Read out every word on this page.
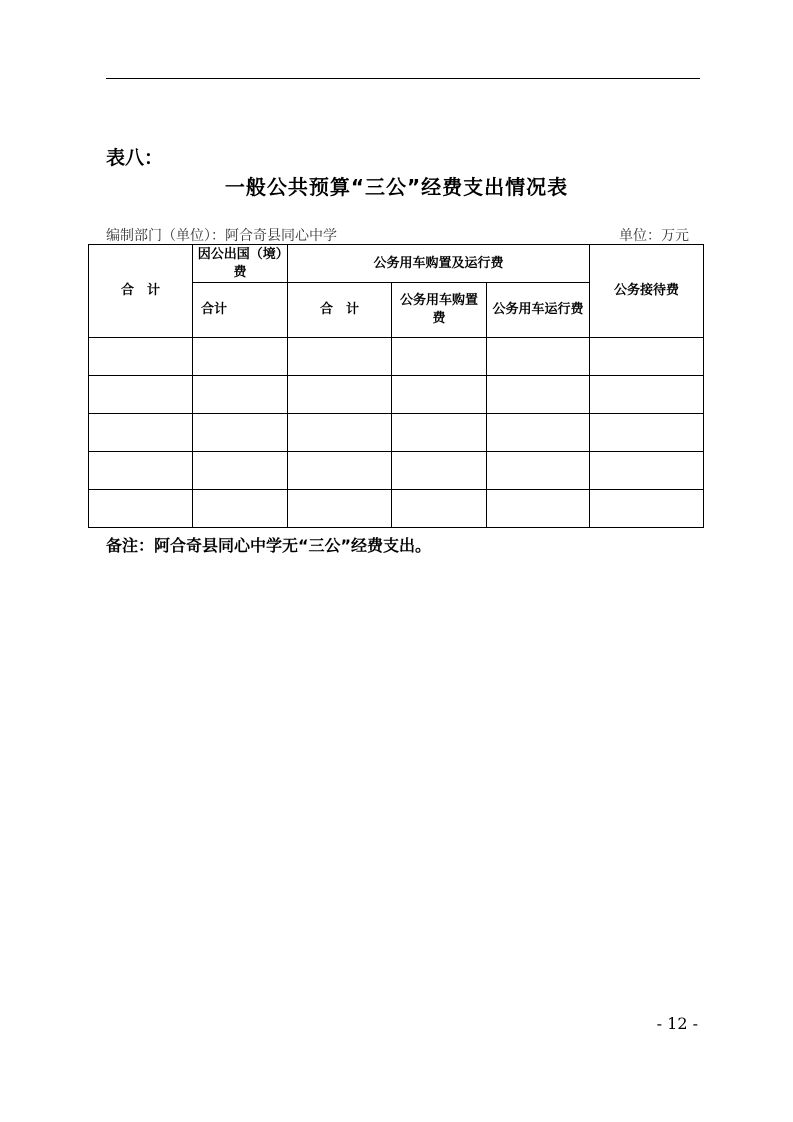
表八：
一般公共预算“三公”经费支出情况表
编制部门（单位）：阿合奇县同心中学	单位：万元
合　计	因公出国（境）费	公务用车购置及运行费			公务接待费
	合计	合　计	公务用车购置费	公务用车运行费	

备注：阿合奇县同心中学无“三公”经费支出。
- 12 -
